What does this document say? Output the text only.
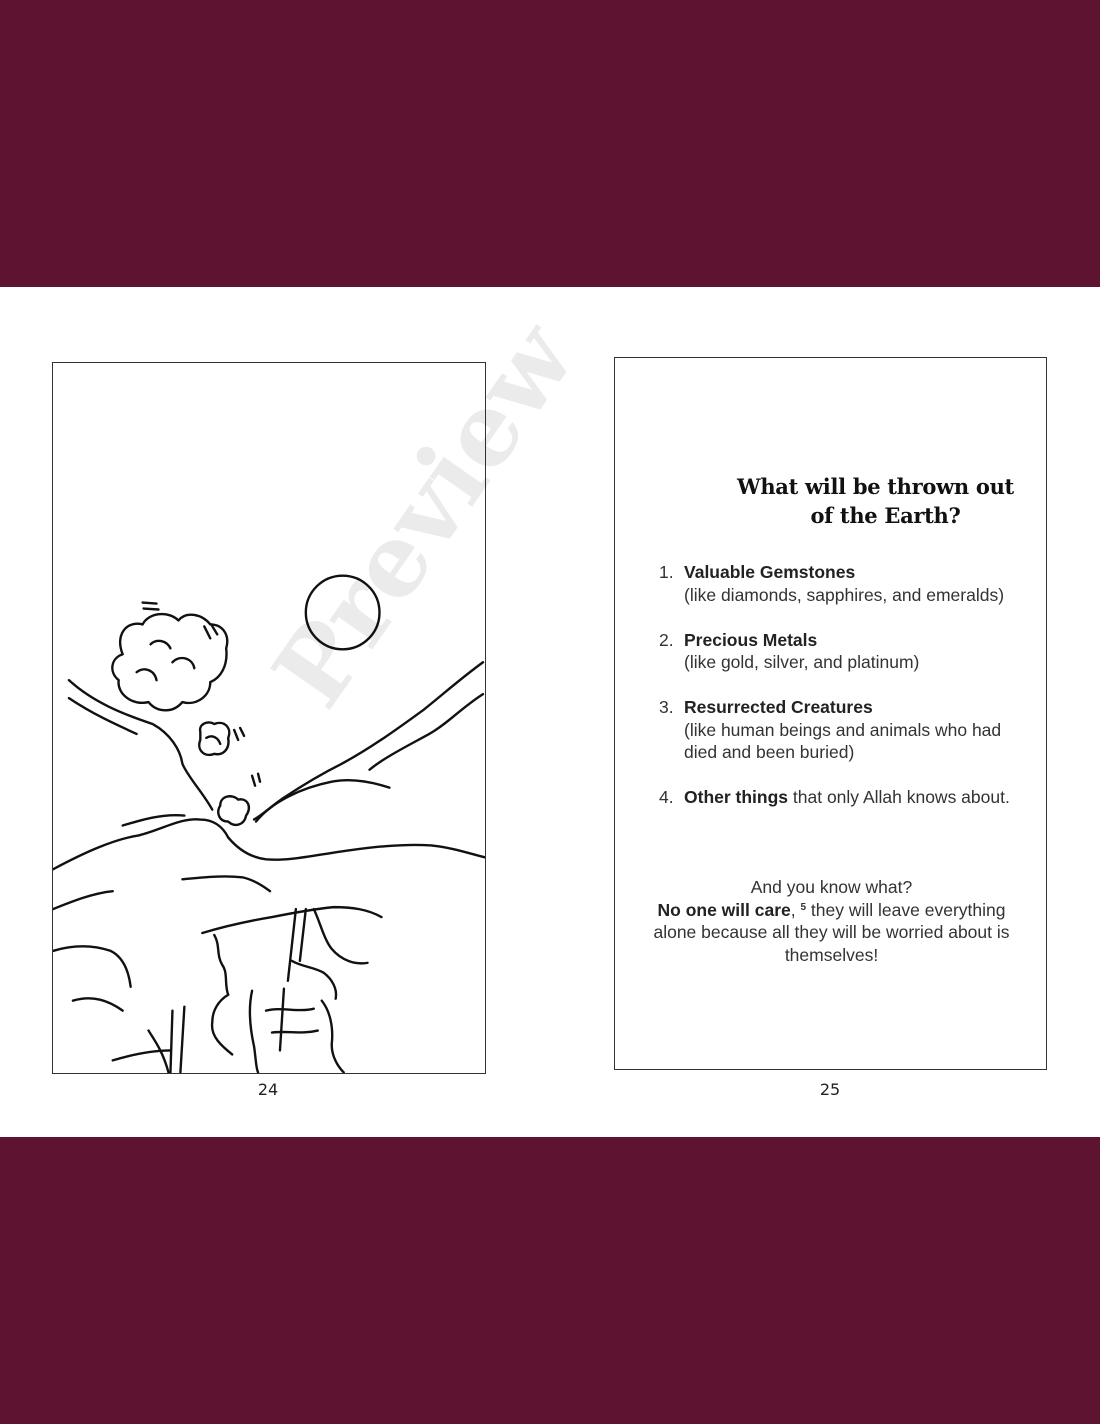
24
What will be thrown out
of the Earth?
1. Valuable Gemstones
(like diamonds, sapphires, and emeralds)
2. Precious Metals
(like gold, silver, and platinum)
3. Resurrected Creatures
(like human beings and animals who had died and been buried)
4. Other things that only Allah knows about.
And you know what?
No one will care, $^5$ they will leave everything alone because all they will be worried about is themselves!
25
